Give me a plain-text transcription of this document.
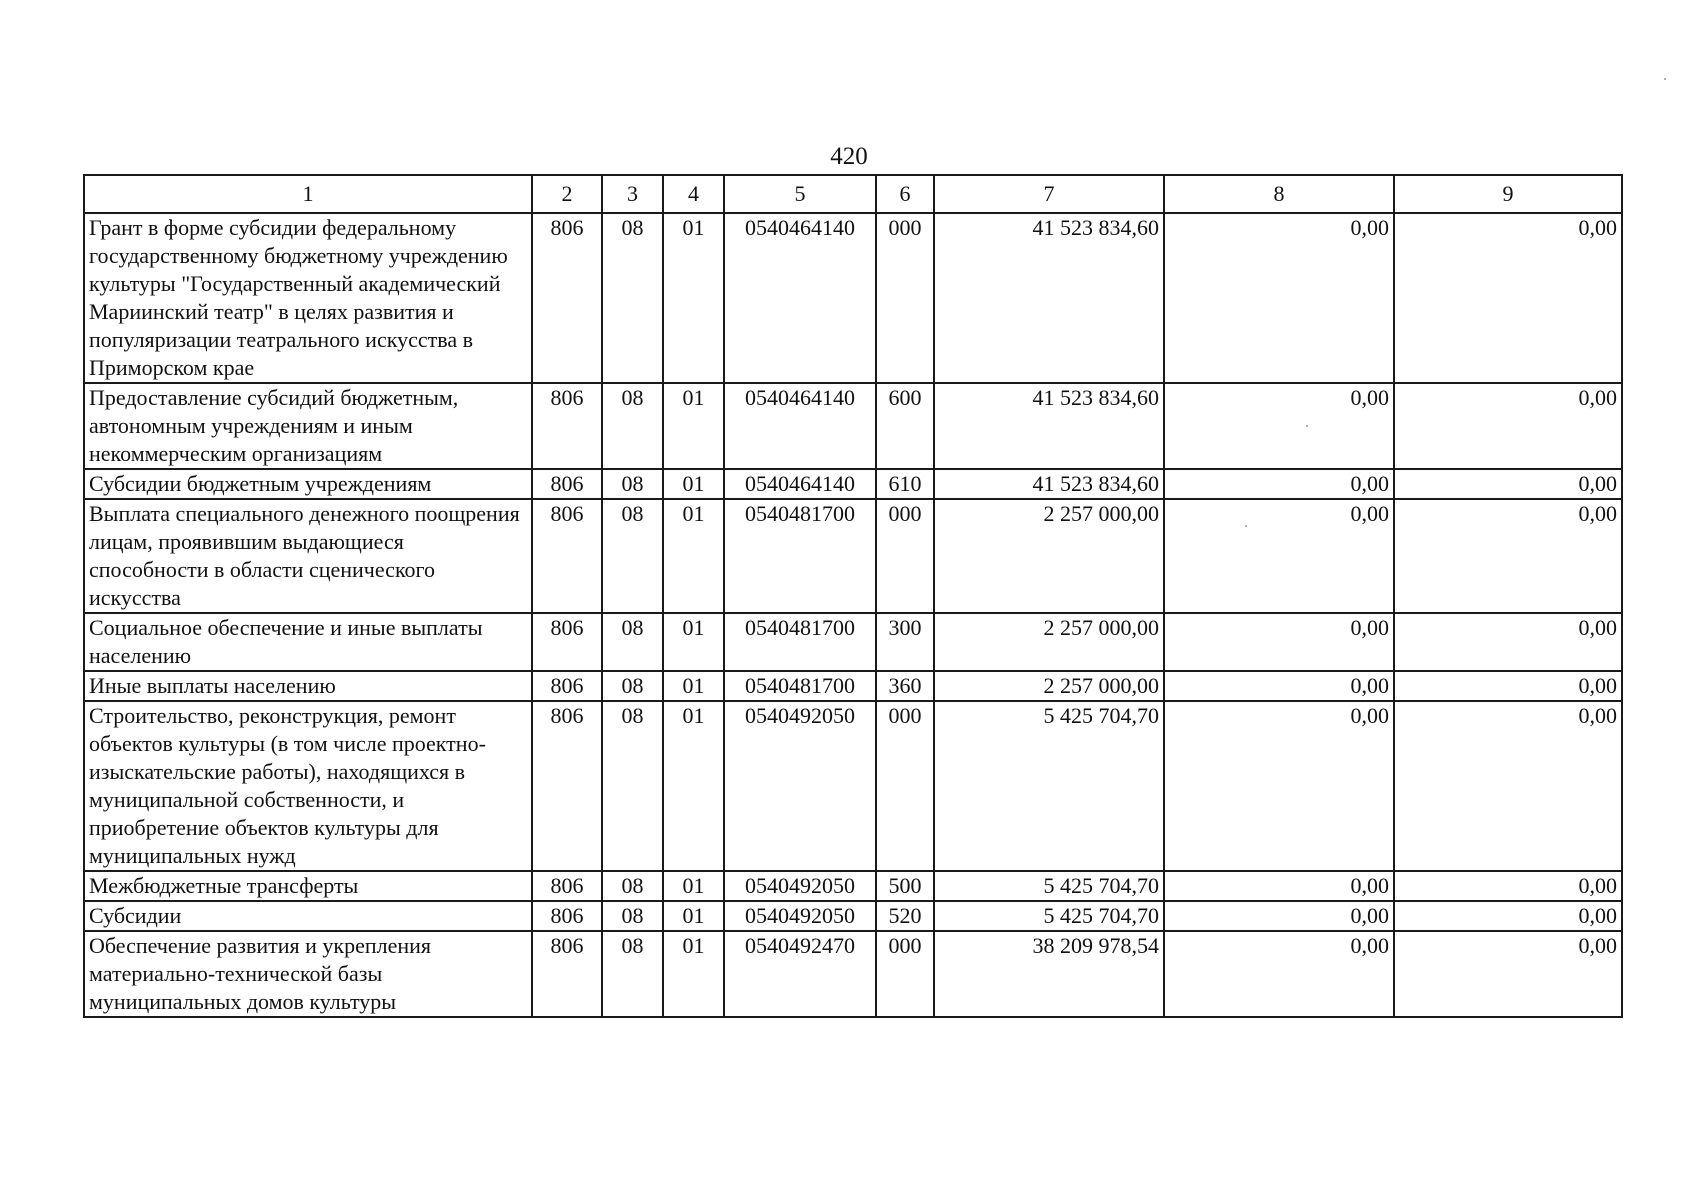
420
1	2	3	4	5	6	7	8	9
Грант в форме субсидии федеральному государственному бюджетному учреждению культуры "Государственный академический Мариинский театр" в целях развития и популяризации театрального искусства в Приморском крае	806	08	01	0540464140	000	41 523 834,60	0,00	0,00
Предоставление субсидий бюджетным, автономным учреждениям и иным некоммерческим организациям	806	08	01	0540464140	600	41 523 834,60	0,00	0,00
Субсидии бюджетным учреждениям	806	08	01	0540464140	610	41 523 834,60	0,00	0,00
Выплата специального денежного поощрения лицам, проявившим выдающиеся способности в области сценического искусства	806	08	01	0540481700	000	2 257 000,00	0,00	0,00
Социальное обеспечение и иные выплаты населению	806	08	01	0540481700	300	2 257 000,00	0,00	0,00
Иные выплаты населению	806	08	01	0540481700	360	2 257 000,00	0,00	0,00
Строительство, реконструкция, ремонт объектов культуры (в том числе проектно-изыскательские работы), находящихся в муниципальной собственности, и приобретение объектов культуры для муниципальных нужд	806	08	01	0540492050	000	5 425 704,70	0,00	0,00
Межбюджетные трансферты	806	08	01	0540492050	500	5 425 704,70	0,00	0,00
Субсидии	806	08	01	0540492050	520	5 425 704,70	0,00	0,00
Обеспечение развития и укрепления материально-технической базы муниципальных домов культуры	806	08	01	0540492470	000	38 209 978,54	0,00	0,00
